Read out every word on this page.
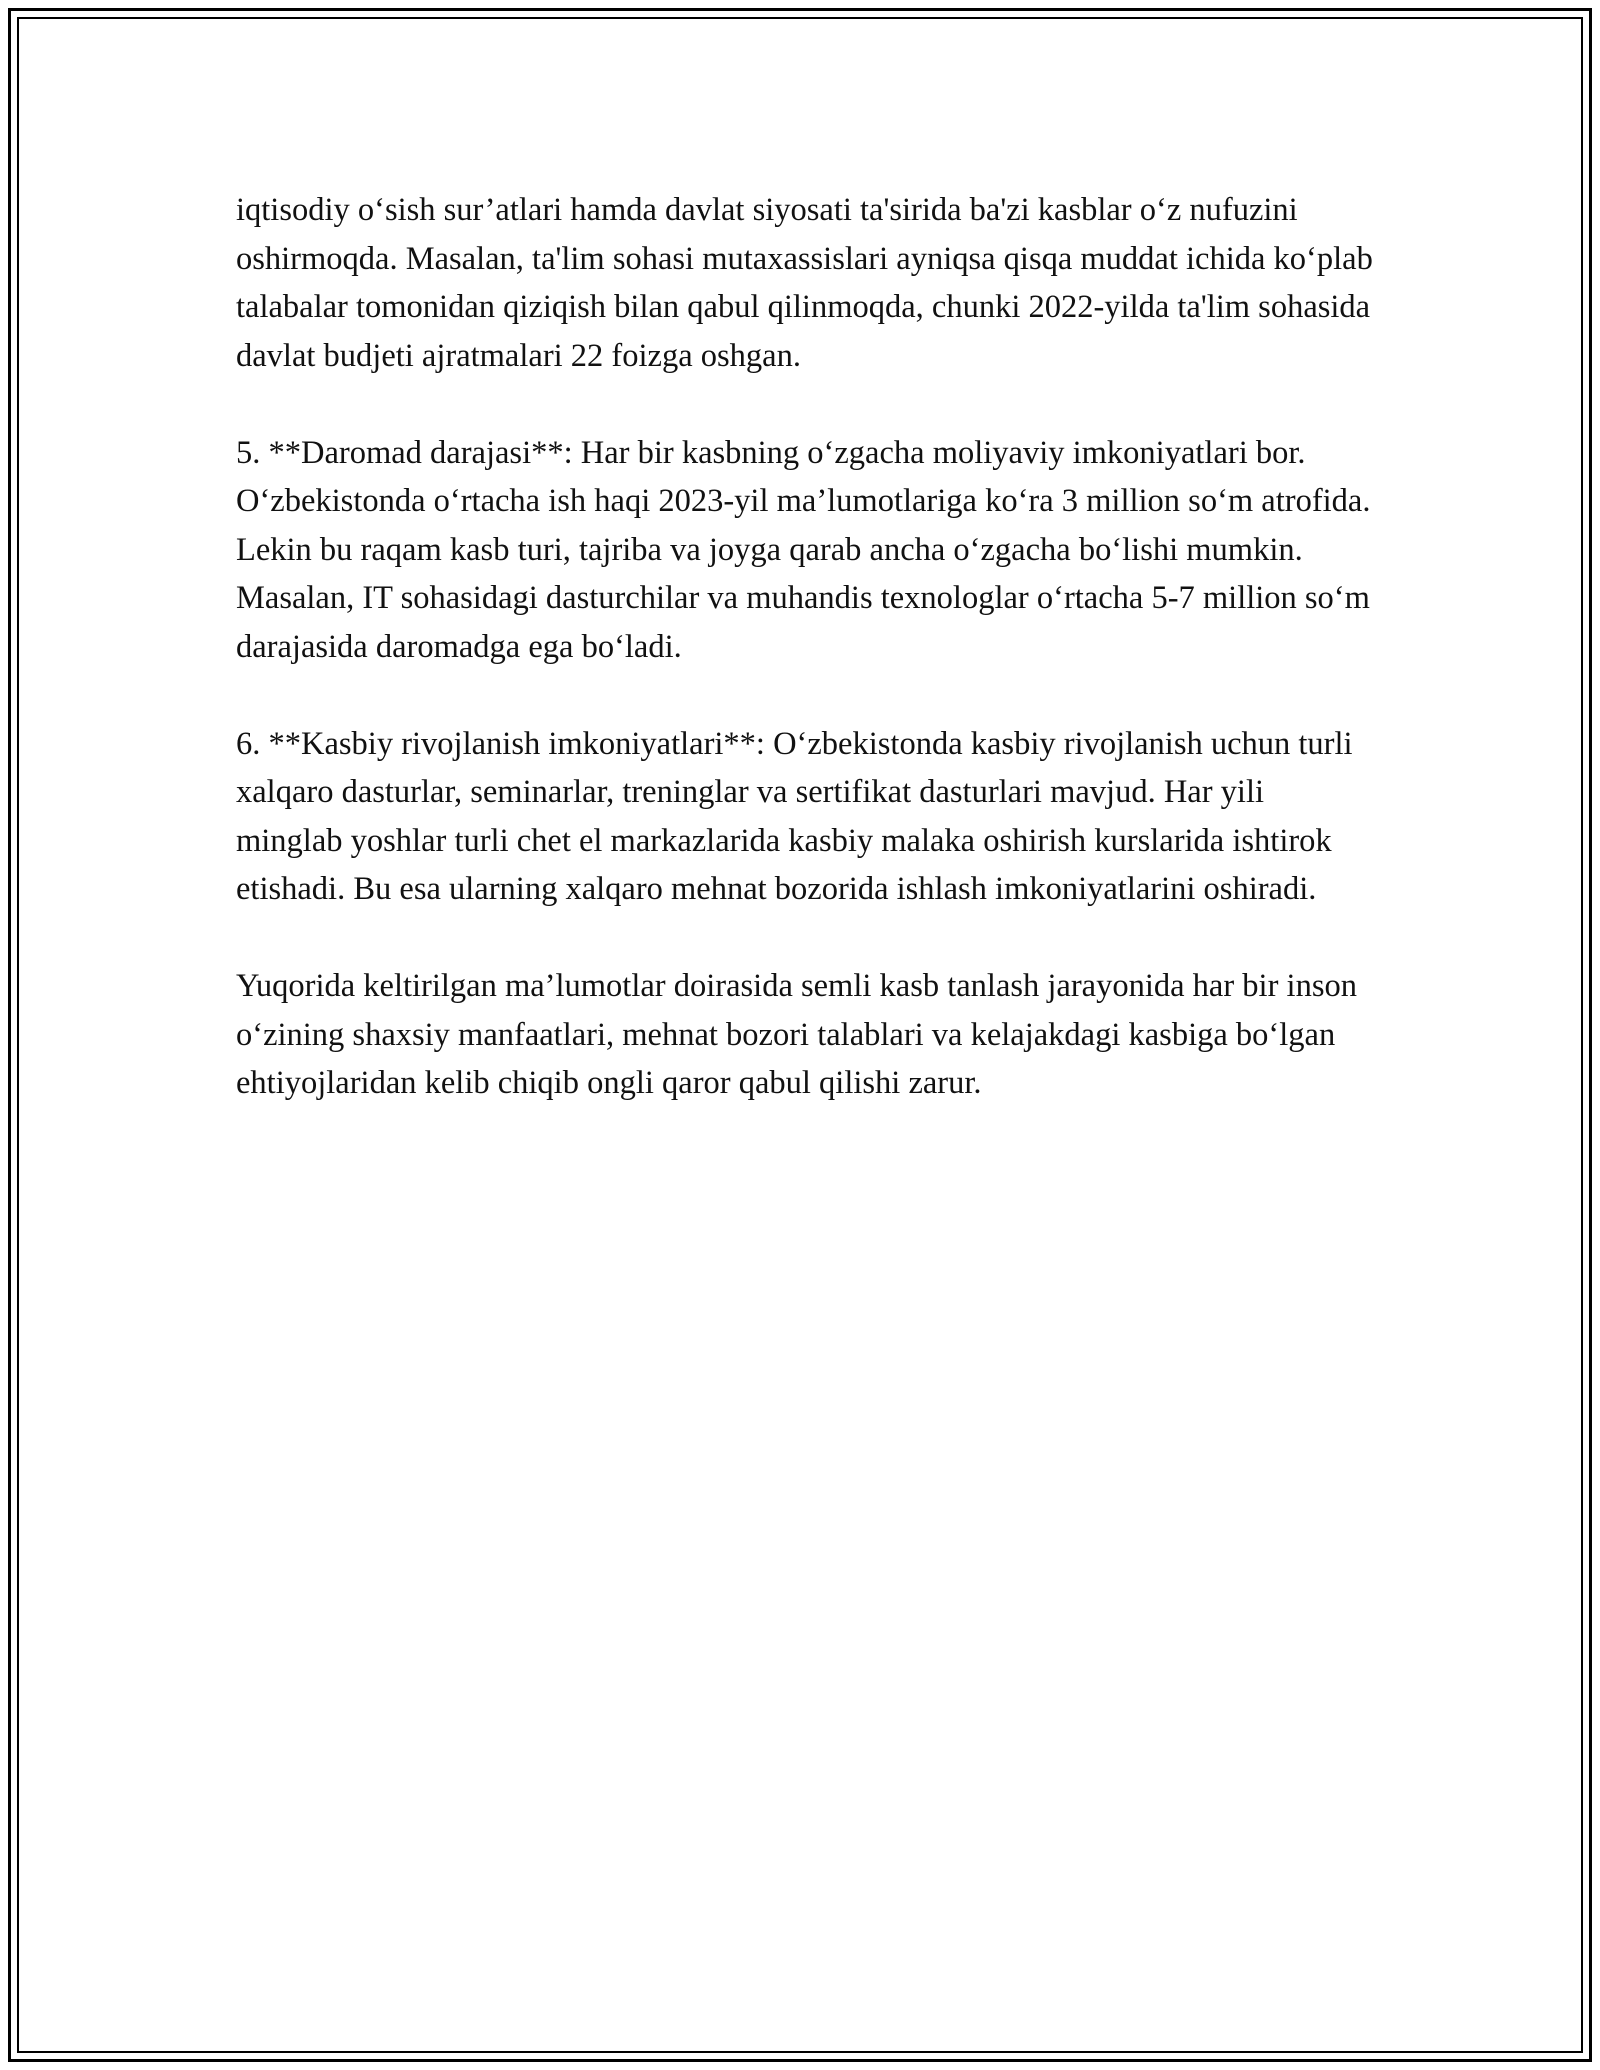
iqtisodiy o‘sish sur’atlari hamda davlat siyosati ta'sirida ba'zi kasblar o‘z nufuzini oshirmoqda. Masalan, ta'lim sohasi mutaxassislari ayniqsa qisqa muddat ichida ko‘plab talabalar tomonidan qiziqish bilan qabul qilinmoqda, chunki 2022-yilda ta'lim sohasida davlat budjeti ajratmalari 22 foizga oshgan.

5. **Daromad darajasi**: Har bir kasbning o‘zgacha moliyaviy imkoniyatlari bor. O‘zbekistonda o‘rtacha ish haqi 2023-yil ma’lumotlariga ko‘ra 3 million so‘m atrofida. Lekin bu raqam kasb turi, tajriba va joyga qarab ancha o‘zgacha bo‘lishi mumkin. Masalan, IT sohasidagi dasturchilar va muhandis texnologlar o‘rtacha 5-7 million so‘m darajasida daromadga ega bo‘ladi.

6. **Kasbiy rivojlanish imkoniyatlari**: O‘zbekistonda kasbiy rivojlanish uchun turli xalqaro dasturlar, seminarlar, treninglar va sertifikat dasturlari mavjud. Har yili minglab yoshlar turli chet el markazlarida kasbiy malaka oshirish kurslarida ishtirok etishadi. Bu esa ularning xalqaro mehnat bozorida ishlash imkoniyatlarini oshiradi.

Yuqorida keltirilgan ma’lumotlar doirasida semli kasb tanlash jarayonida har bir inson o‘zining shaxsiy manfaatlari, mehnat bozori talablari va kelajakdagi kasbiga bo‘lgan ehtiyojlaridan kelib chiqib ongli qaror qabul qilishi zarur.
